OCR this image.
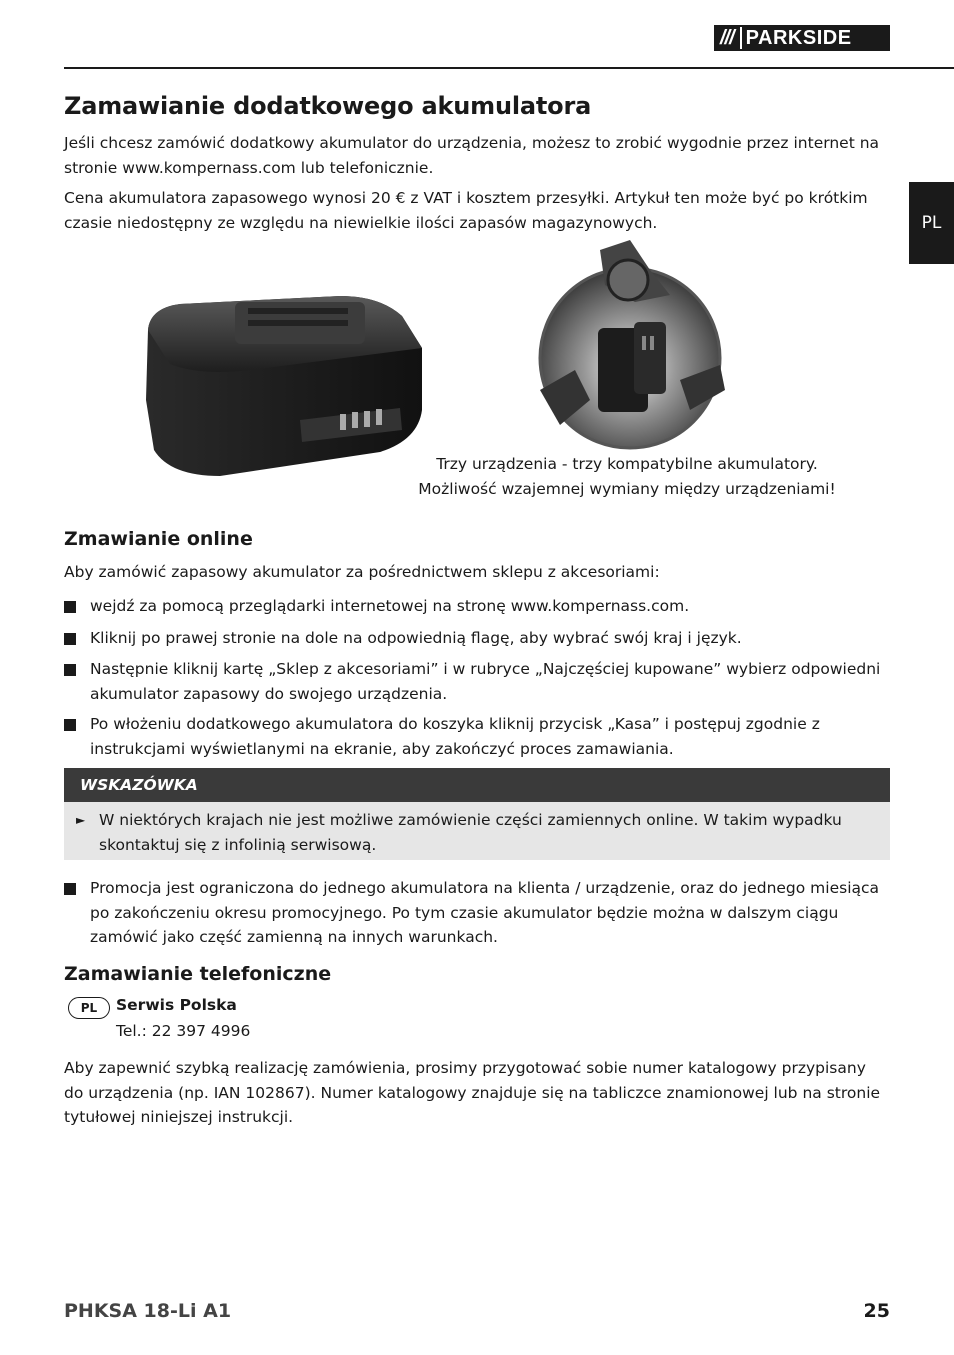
/// PARKSIDE
PL
Zamawianie dodatkowego akumulatora

Jeśli chcesz zamówić dodatkowy akumulator do urządzenia, możesz to zrobić wygodnie przez internet na stronie www.kompernass.com lub telefonicznie.

Cena akumulatora zapasowego wynosi 20 € z VAT i kosztem przesyłki. Artykuł ten może być po krótkim czasie niedostępny ze względu na niewielkie ilości zapasów magazynowych.

Trzy urządzenia - trzy kompatybilne akumulatory.
Możliwość wzajemnej wymiany między urządzeniami!
Zmawianie online

Aby zamówić zapasowy akumulator za pośrednictwem sklepu z akcesoriami:

wejdź za pomocą przeglądarki internetowej na stronę www.kompernass.com.
Kliknij po prawej stronie na dole na odpowiednią flagę, aby wybrać swój kraj i język.
Następnie kliknij kartę „Sklep z akcesoriami” i w rubryce „Najczęściej kupowane” wybierz odpowiedni akumulator zapasowy do swojego urządzenia.
Po włożeniu dodatkowego akumulatora do koszyka kliknij przycisk „Kasa” i postępuj zgodnie z instrukcjami wyświetlanymi na ekranie, aby zakończyć proces zamawiania.
WSKAZÓWKA
► W niektórych krajach nie jest możliwe zamówienie części zamiennych online. W takim wypadku skontaktuj się z infolinią serwisową.
Promocja jest ograniczona do jednego akumulatora na klienta / urządzenie, oraz do jednego miesiąca po zakończeniu okresu promocyjnego. Po tym czasie akumulator będzie można w dalszym ciągu zamówić jako część zamienną na innych warunkach.
Zamawianie telefoniczne
PL	Serwis Polska
Tel.: 22 397 4996

Aby zapewnić szybką realizację zamówienia, prosimy przygotować sobie numer katalogowy przypisany do urządzenia (np. IAN 102867). Numer katalogowy znajduje się na tabliczce znamionowej lub na stronie tytułowej niniejszej instrukcji.

PHKSA 18-Li A1	25
